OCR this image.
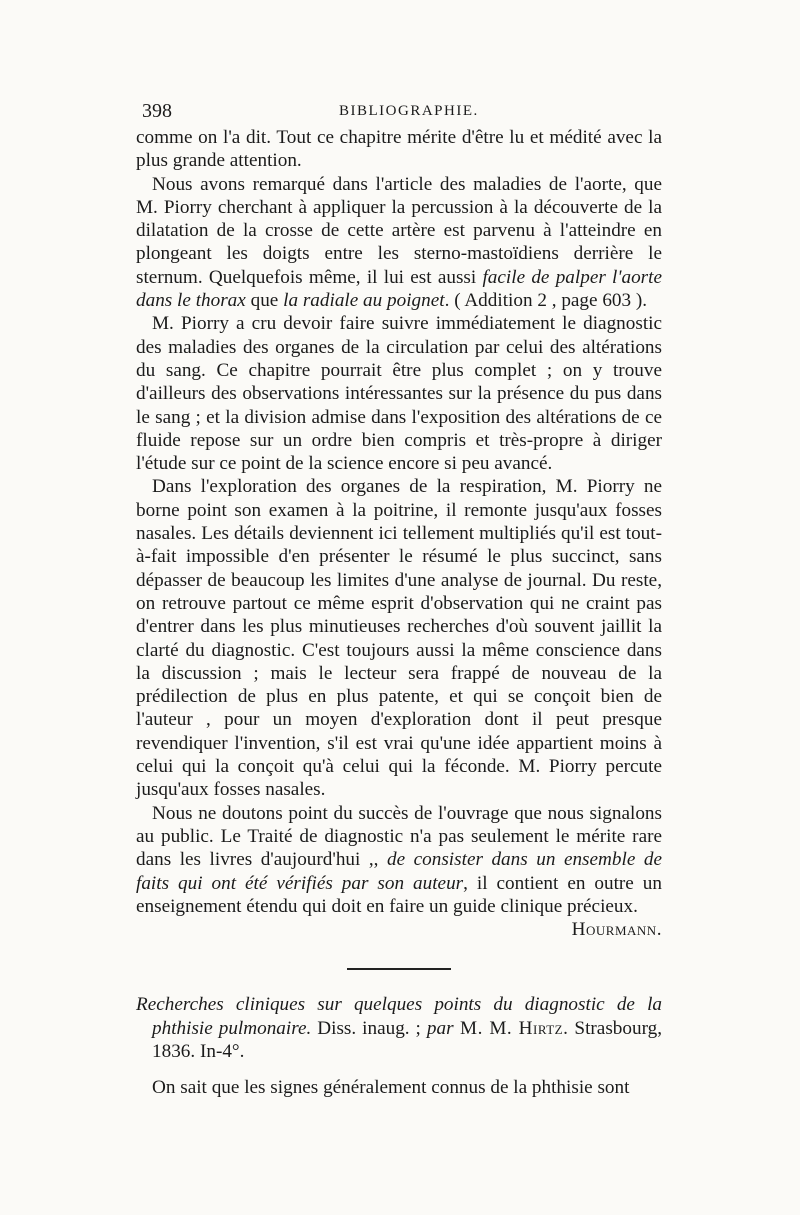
398	BIBLIOGRAPHIE.

comme on l'a dit. Tout ce chapitre mérite d'être lu et médité avec la plus grande attention.

Nous avons remarqué dans l'article des maladies de l'aorte, que M. Piorry cherchant à appliquer la percussion à la découverte de la dilatation de la crosse de cette artère est parvenu à l'atteindre en plongeant les doigts entre les sterno-mastoïdiens derrière le sternum. Quelquefois même, il lui est aussi facile de palper l'aorte dans le thorax que la radiale au poignet. ( Addition 2 , page 603 ).

M. Piorry a cru devoir faire suivre immédiatement le diagnostic des maladies des organes de la circulation par celui des altérations du sang. Ce chapitre pourrait être plus complet ; on y trouve d'ailleurs des observations intéressantes sur la présence du pus dans le sang ; et la division admise dans l'exposition des altérations de ce fluide repose sur un ordre bien compris et très-propre à diriger l'étude sur ce point de la science encore si peu avancé.

Dans l'exploration des organes de la respiration, M. Piorry ne borne point son examen à la poitrine, il remonte jusqu'aux fosses nasales. Les détails deviennent ici tellement multipliés qu'il est tout-à-fait impossible d'en présenter le résumé le plus succinct, sans dépasser de beaucoup les limites d'une analyse de journal. Du reste, on retrouve partout ce même esprit d'observation qui ne craint pas d'entrer dans les plus minutieuses recherches d'où souvent jaillit la clarté du diagnostic. C'est toujours aussi la même conscience dans la discussion ; mais le lecteur sera frappé de nouveau de la prédilection de plus en plus patente, et qui se conçoit bien de l'auteur , pour un moyen d'exploration dont il peut presque revendiquer l'invention, s'il est vrai qu'une idée appartient moins à celui qui la conçoit qu'à celui qui la féconde. M. Piorry percute jusqu'aux fosses nasales.

Nous ne doutons point du succès de l'ouvrage que nous signalons au public. Le Traité de diagnostic n'a pas seulement le mérite rare dans les livres d'aujourd'hui ,, de consister dans un ensemble de faits qui ont été vérifiés par son auteur, il contient en outre un enseignement étendu qui doit en faire un guide clinique précieux.

Hourmann.

Recherches cliniques sur quelques points du diagnostic de la phthisie pulmonaire. Diss. inaug. ; par M. M. Hirtz. Strasbourg, 1836. In-4°.

On sait que les signes généralement connus de la phthisie sont
